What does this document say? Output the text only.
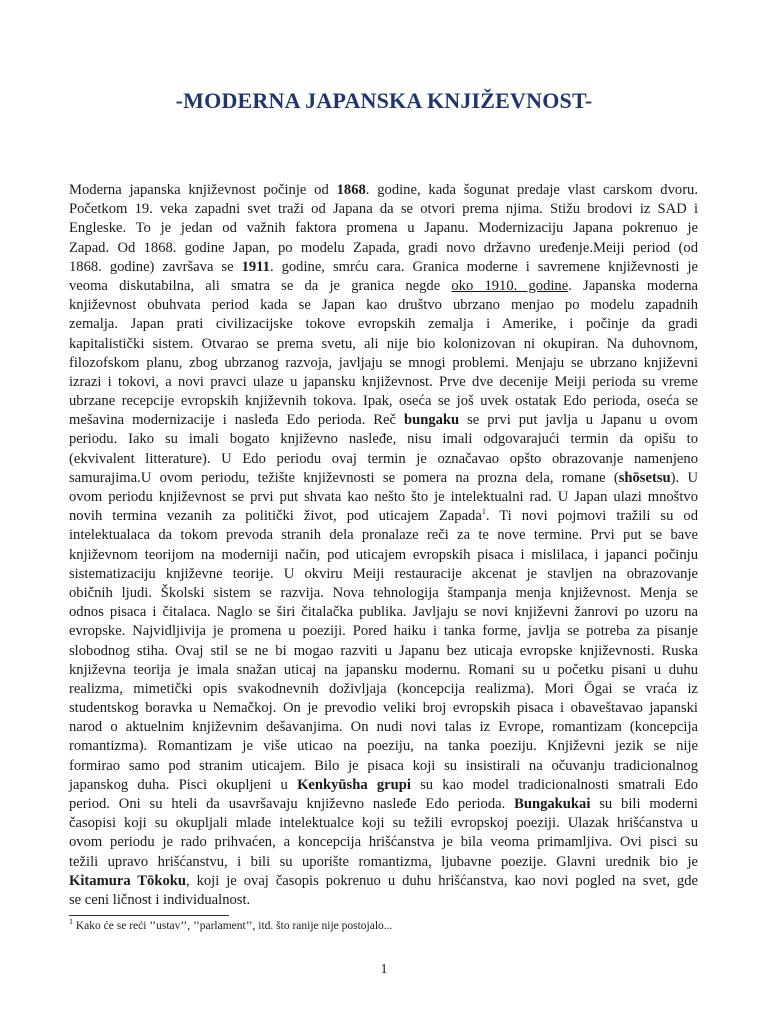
-MODERNA JAPANSKA KNJIŽEVNOST-
Moderna japanska književnost počinje od 1868. godine, kada šogunat predaje vlast carskom dvoru.
Početkom 19. veka zapadni svet traži od Japana da se otvori prema njima. Stižu brodovi iz SAD i
Engleske. To je jedan od važnih faktora promena u Japanu. Modernizaciju Japana pokrenuo je
Zapad. Od 1868. godine Japan, po modelu Zapada, gradi novo državno uređenje.Meiji period (od
1868. godine) završava se 1911. godine, smrću cara. Granica moderne i savremene književnosti je
veoma diskutabilna, ali smatra se da je granica negde oko 1910. godine. Japanska moderna
književnost obuhvata period kada se Japan kao društvo ubrzano menjao po modelu zapadnih
zemalja. Japan prati civilizacijske tokove evropskih zemalja i Amerike, i počinje da gradi
kapitalistički sistem. Otvarao se prema svetu, ali nije bio kolonizovan ni okupiran. Na duhovnom,
filozofskom planu, zbog ubrzanog razvoja, javljaju se mnogi problemi. Menjaju se ubrzano književni
izrazi i tokovi, a novi pravci ulaze u japansku književnost. Prve dve decenije Meiji perioda su vreme
ubrzane recepcije evropskih književnih tokova. Ipak, oseća se još uvek ostatak Edo perioda, oseća se
mešavina modernizacije i nasleđa Edo perioda. Reč bungaku se prvi put javlja u Japanu u ovom
periodu. Iako su imali bogato književno nasleđe, nisu imali odgovarajući termin da opišu to
(ekvivalent litterature). U Edo periodu ovaj termin je označavao opšto obrazovanje namenjeno
samurajima.U ovom periodu, težište književnosti se pomera na prozna dela, romane (shōsetsu). U
ovom periodu književnost se prvi put shvata kao nešto što je intelektualni rad. U Japan ulazi mnoštvo
novih termina vezanih za politički život, pod uticajem Zapada$^1$. Ti novi pojmovi tražili su od
intelektualaca da tokom prevoda stranih dela pronalaze reči za te nove termine. Prvi put se bave
književnom teorijom na moderniji način, pod uticajem evropskih pisaca i mislilaca, i japanci počinju
sistematizaciju književne teorije. U okviru Meiji restauracije akcenat je stavljen na obrazovanje
običnih ljudi. Školski sistem se razvija. Nova tehnologija štampanja menja književnost. Menja se
odnos pisaca i čitalaca. Naglo se širi čitalačka publika. Javljaju se novi književni žanrovi po uzoru na
evropske. Najvidljivija je promena u poeziji. Pored haiku i tanka forme, javlja se potreba za pisanje
slobodnog stiha. Ovaj stil se ne bi mogao razviti u Japanu bez uticaja evropske književnosti. Ruska
književna teorija je imala snažan uticaj na japansku modernu. Romani su u početku pisani u duhu
realizma, mimetički opis svakodnevnih doživljaja (koncepcija realizma). Mori Ōgai se vraća iz
studentskog boravka u Nemačkoj. On je prevodio veliki broj evropskih pisaca i obaveštavao japanski
narod o aktuelnim književnim dešavanjima. On nudi novi talas iz Evrope, romantizam (koncepcija
romantizma). Romantizam je više uticao na poeziju, na tanka poeziju. Književni jezik se nije
formirao samo pod stranim uticajem. Bilo je pisaca koji su insistirali na očuvanju tradicionalnog
japanskog duha. Pisci okupljeni u Kenkyūsha grupi su kao model tradicionalnosti smatrali Edo
period. Oni su hteli da usavršavaju književno nasleđe Edo perioda. Bungakukai su bili moderni
časopisi koji su okupljali mlade intelektualce koji su težili evropskoj poeziji. Ulazak hrišćanstva u
ovom periodu je rado prihvaćen, a koncepcija hrišćanstva je bila veoma primamljiva. Ovi pisci su
težili upravo hrišćanstvu, i bili su uporište romantizma, ljubavne poezije. Glavni urednik bio je
Kitamura Tōkoku, koji je ovaj časopis pokrenuo u duhu hrišćanstva, kao novi pogled na svet, gde
se ceni ličnost i individualnost.

$^1$ Kako će se reći ’’ustav’’, ’’parlament’’, itd. što ranije nije postojalo...

1
